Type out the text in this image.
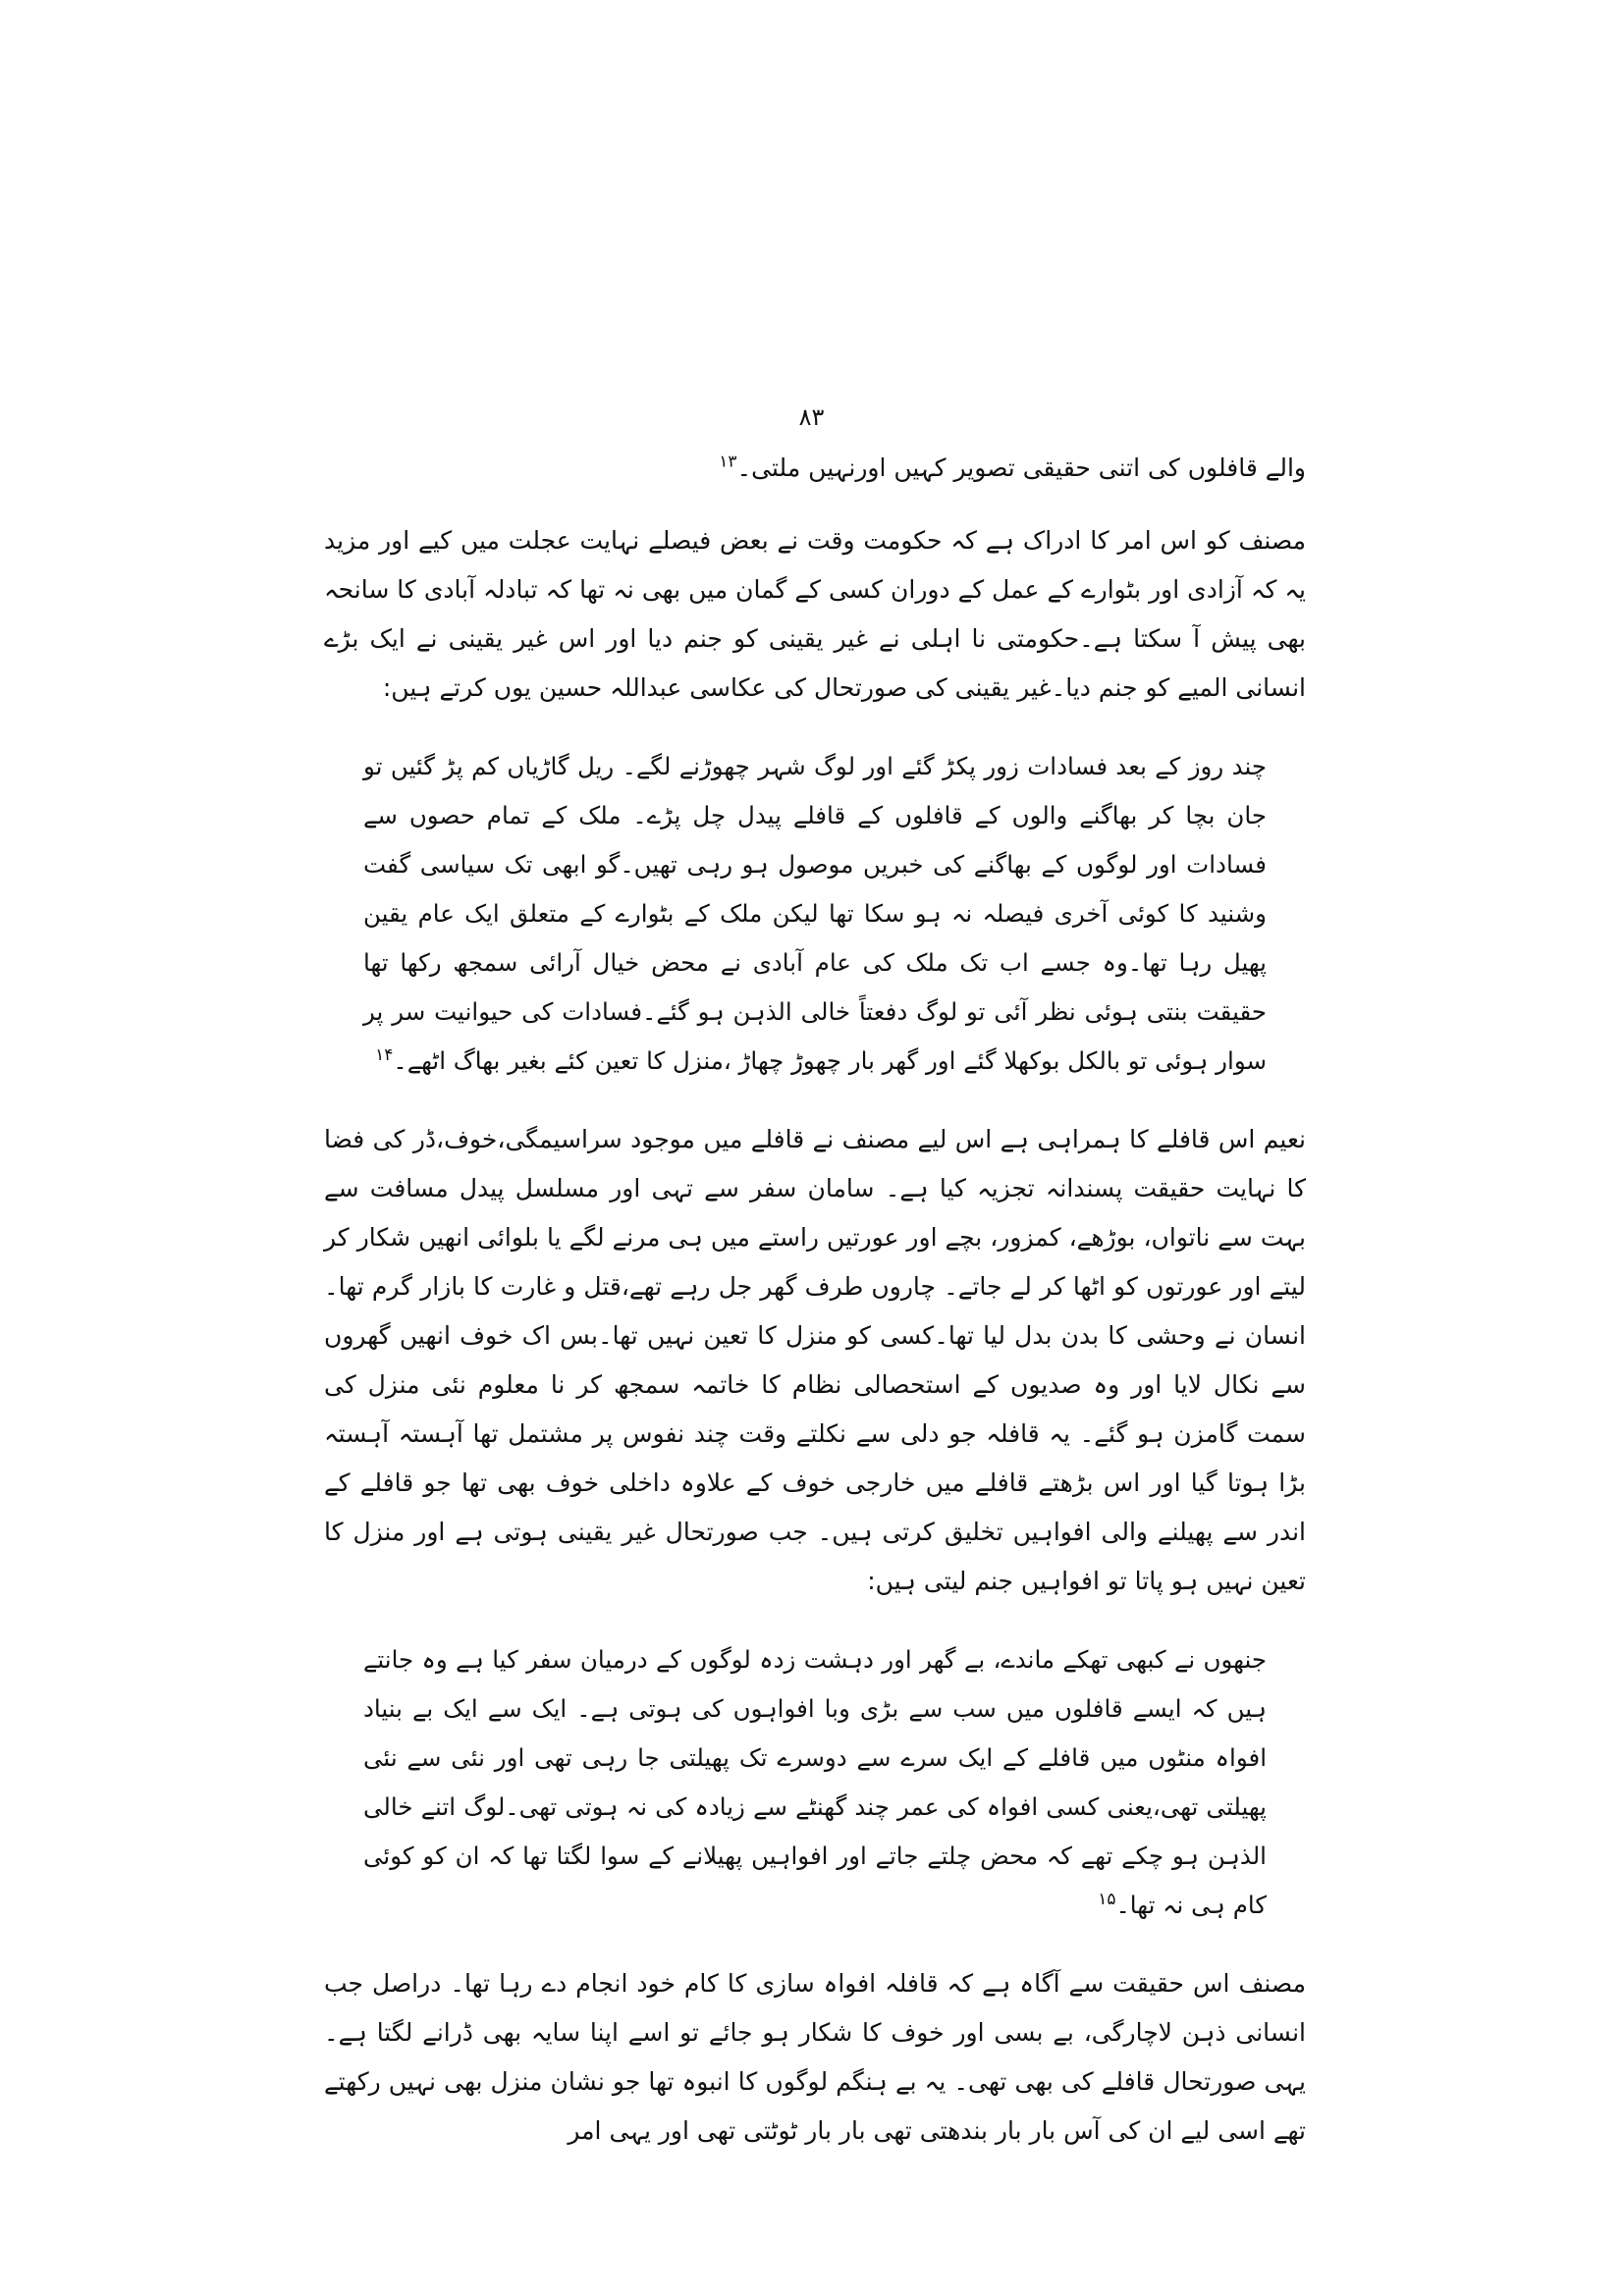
۸۳

والے قافلوں کی اتنی حقیقی تصویر کہیں اورنہیں ملتی۔$^{۱۳}$

مصنف کو اس امر کا ادراک ہے کہ حکومت وقت نے بعض فیصلے نہایت عجلت میں کیے اور مزید یہ کہ آزادی اور بٹوارے کے عمل کے دوران کسی کے گمان میں بھی نہ تھا کہ تبادلہ آبادی کا سانحہ بھی پیش آ سکتا ہے۔حکومتی نا اہلی نے غیر یقینی کو جنم دیا اور اس غیر یقینی نے ایک بڑے انسانی المیے کو جنم دیا۔غیر یقینی کی صورتحال کی عکاسی عبداللہ حسین یوں کرتے ہیں:

چند روز کے بعد فسادات زور پکڑ گئے اور لوگ شہر چھوڑنے لگے۔ ریل گاڑیاں کم پڑ گئیں تو جان بچا کر بھاگنے والوں کے قافلوں کے قافلے پیدل چل پڑے۔ ملک کے تمام حصوں سے فسادات اور لوگوں کے بھاگنے کی خبریں موصول ہو رہی تھیں۔گو ابھی تک سیاسی گفت وشنید کا کوئی آخری فیصلہ نہ ہو سکا تھا لیکن ملک کے بٹوارے کے متعلق ایک عام یقین پھیل رہا تھا۔وہ جسے اب تک ملک کی عام آبادی نے محض خیال آرائی سمجھ رکھا تھا حقیقت بنتی ہوئی نظر آئی تو لوگ دفعتاً خالی الذہن ہو گئے۔فسادات کی حیوانیت سر پر سوار ہوئی تو بالکل بوکھلا گئے اور گھر بار چھوڑ چھاڑ ،منزل کا تعین کئے بغیر بھاگ اٹھے۔$^{۱۴}$

نعیم اس قافلے کا ہمراہی ہے اس لیے مصنف نے قافلے میں موجود سراسیمگی،خوف،ڈر کی فضا کا نہایت حقیقت پسندانہ تجزیہ کیا ہے۔ سامان سفر سے تہی اور مسلسل پیدل مسافت سے بہت سے ناتواں، بوڑھے، کمزور، بچے اور عورتیں راستے میں ہی مرنے لگے یا بلوائی انھیں شکار کر لیتے اور عورتوں کو اٹھا کر لے جاتے۔ چاروں طرف گھر جل رہے تھے،قتل و غارت کا بازار گرم تھا۔ انسان نے وحشی کا بدن بدل لیا تھا۔کسی کو منزل کا تعین نہیں تھا۔بس اک خوف انھیں گھروں سے نکال لایا اور وہ صدیوں کے استحصالی نظام کا خاتمہ سمجھ کر نا معلوم نئی منزل کی سمت گامزن ہو گئے۔ یہ قافلہ جو دلی سے نکلتے وقت چند نفوس پر مشتمل تھا آہستہ آہستہ بڑا ہوتا گیا اور اس بڑھتے قافلے میں خارجی خوف کے علاوہ داخلی خوف بھی تھا جو قافلے کے اندر سے پھیلنے والی افواہیں تخلیق کرتی ہیں۔ جب صورتحال غیر یقینی ہوتی ہے اور منزل کا تعین نہیں ہو پاتا تو افواہیں جنم لیتی ہیں:

جنھوں نے کبھی تھکے ماندے، بے گھر اور دہشت زدہ لوگوں کے درمیان سفر کیا ہے وہ جانتے ہیں کہ ایسے قافلوں میں سب سے بڑی وبا افواہوں کی ہوتی ہے۔ ایک سے ایک بے بنیاد افواہ منٹوں میں قافلے کے ایک سرے سے دوسرے تک پھیلتی جا رہی تھی اور نئی سے نئی پھیلتی تھی،یعنی کسی افواہ کی عمر چند گھنٹے سے زیادہ کی نہ ہوتی تھی۔لوگ اتنے خالی الذہن ہو چکے تھے کہ محض چلتے جاتے اور افواہیں پھیلانے کے سوا لگتا تھا کہ ان کو کوئی کام ہی نہ تھا۔$^{۱۵}$

مصنف اس حقیقت سے آگاہ ہے کہ قافلہ افواہ سازی کا کام خود انجام دے رہا تھا۔ دراصل جب انسانی ذہن لاچارگی، بے بسی اور خوف کا شکار ہو جائے تو اسے اپنا سایہ بھی ڈرانے لگتا ہے۔ یہی صورتحال قافلے کی بھی تھی۔ یہ بے ہنگم لوگوں کا انبوہ تھا جو نشان منزل بھی نہیں رکھتے تھے اسی لیے ان کی آس بار بار بندھتی تھی بار بار ٹوٹتی تھی اور یہی امر
